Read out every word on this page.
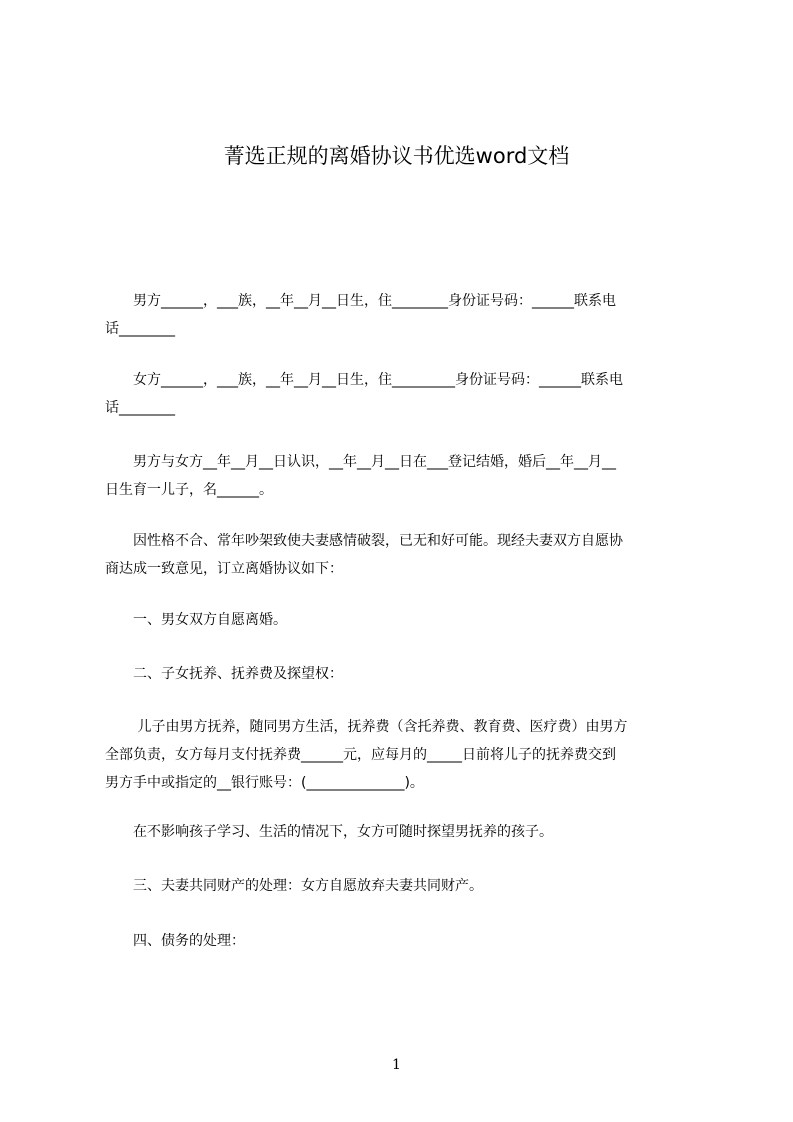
菁选正规的离婚协议书优选word文档
　　男方______，___族，__年__月__日生，住________身份证号码：______联系电
话________
　　女方______，___族，__年__月__日生，住_________身份证号码：______联系电
话________
　　男方与女方__年__月__日认识，__年__月__日在___登记结婚，婚后__年__月__
日生育一儿子，名______。
　　因性格不合、常年吵架致使夫妻感情破裂，已无和好可能。现经夫妻双方自愿协
商达成一致意见，订立离婚协议如下：
　　一、男女双方自愿离婚。
　　二、子女抚养、抚养费及探望权：
　　 儿子由男方抚养，随同男方生活，抚养费（含托养费、教育费、医疗费）由男方
全部负责，女方每月支付抚养费______元，应每月的_____日前将儿子的抚养费交到
男方手中或指定的__银行账号：(______________)。
　　在不影响孩子学习、生活的情况下，女方可随时探望男抚养的孩子。
　　三、夫妻共同财产的处理：女方自愿放弃夫妻共同财产。
　　四、债务的处理：
1
